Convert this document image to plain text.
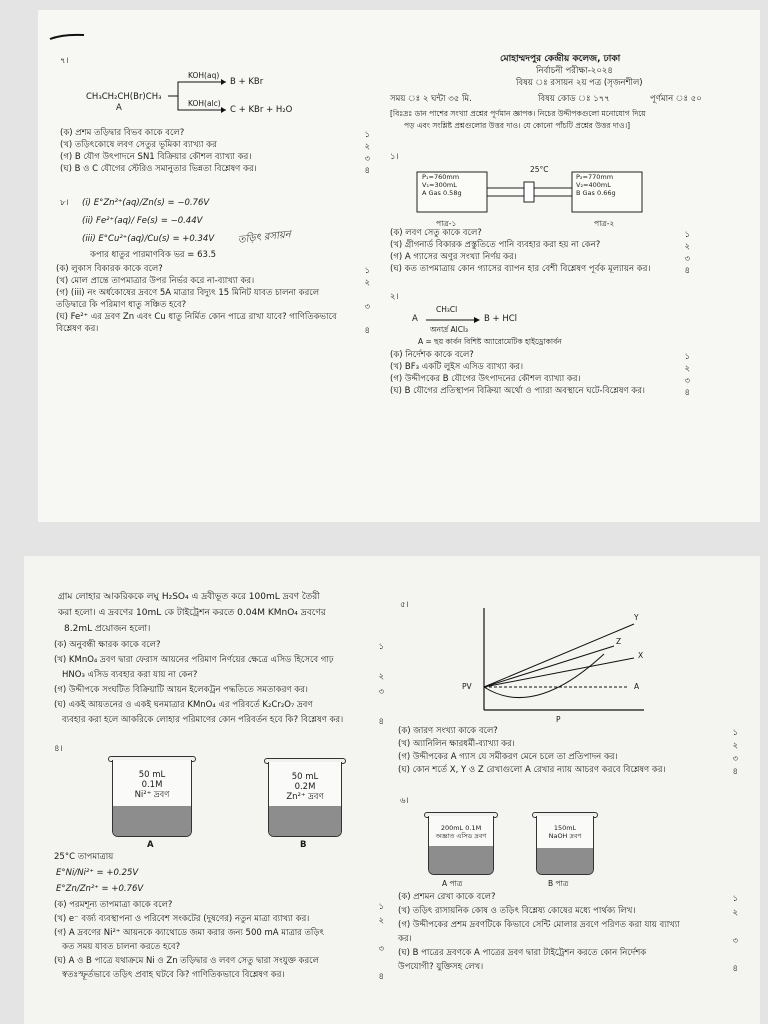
৭।
CH₃CH₂CH(Br)CH₃
A
KOH(aq)
B + KBr
KOH(alc)
C + KBr + H₂O
(ক) প্রশম তড়িদ্বার বিভব কাকে বলে?	১
(খ) তড়িৎকোষে লবণ সেতুর ভূমিকা ব্যাখ্যা কর	২
(গ) B যৌগ উৎপাদনে SN1 বিক্রিয়ার কৌশল ব্যাখ্যা কর।	৩
(ঘ) B ও C যৌগের স্টেরিও সমানুতার ভিন্নতা বিশ্লেষণ কর।	৪
৮। (i) E°Zn²⁺(aq)/Zn(s) = −0.76V
(ii) Fe²⁺(aq)/ Fe(s) = −0.44V
(iii) E°Cu²⁺(aq)/Cu(s) = +0.34V
কপার ধাতুর পারমাণবিক ভর = 63.5
তড়িৎ রসায়ন
(ক) লুকাস বিকারক কাকে বলে?	১
(খ) মোল প্রান্তে তাপমাত্রার উপর নির্ভর করে না-ব্যাখ্যা কর।	২
(গ) (iii) নং অর্ধকোষের দ্রবণে 5A মাত্রার বিদ্যুৎ 15 মিনিট যাবত চালনা করলে
তড়িদ্বারে কি পরিমাণ ধাতু সঞ্চিত হবে?	৩
(ঘ) Fe²⁺ এর দ্রবণ Zn এবং Cu ধাতু নির্মিত কোন পাত্রে রাখা যাবে? গাণিতিকভাবে
বিশ্লেষণ কর।	৪
মোহাম্মদপুর কেন্দ্রীয় কলেজ, ঢাকা
নির্বাচনী পরীক্ষা-২০২৪
বিষয় ঃ রসায়ন ২য় পত্র (সৃজনশীল)
সময় ঃ ২ ঘন্টা ৩৫ মি.	বিষয় কোড ঃ ১৭৭	পূর্ণমান ঃ ৫০
[বিঃদ্রঃ ডান পাশের সংখ্যা প্রশ্নের পূর্ণমান জ্ঞাপক। নিচের উদ্দীপকগুলো মনোযোগ দিয়ে
পড় এবং সংশ্লিষ্ট প্রশ্নগুলোর উত্তর দাও। যে কোনো পাঁচটি প্রশ্নের উত্তর দাও।]
১।
25°C
P₁=760mm
V₁=300mL
A Gas 0.58g
P₂=770mm
V₂=400mL
B Gas 0.66g
পাত্র-১	পাত্র-২
(ক) লবণ সেতু কাকে বলে?	১
(খ) গ্রীগনার্ড বিকারক প্রস্তুতিতে পানি ব্যবহার করা হয় না কেন?	২
(গ) A গ্যাসের অণুর সংখ্যা নির্ণয় কর।	৩
(ঘ) কত তাপমাত্রায় কোন গ্যাসের ব্যাপন হার বেশী বিশ্লেষণ পূর্বক মূল্যায়ন কর।	৪
২।
A
CH₃Cl
অনার্দ্র AlCl₃
B + HCl
A = ছয় কার্বন বিশিষ্ট অ্যারোমেটিক হাইড্রোকার্বন
(ক) নির্দেশক কাকে বলে?	১
(খ) BF₃ একটি লুইস এসিড ব্যাখ্যা কর।	২
(গ) উদ্দীপকের B যৌগের উৎপাদনের কৌশল ব্যাখ্যা কর।	৩
(ঘ) B যৌগের প্রতিস্থাপন বিক্রিয়া অর্থো ও প্যারা অবস্থানে ঘটে-বিশ্লেষণ কর।	৪
গ্রাম লোহার আকরিককে লঘু H₂SO₄ এ দ্রবীভূত করে 100mL দ্রবণ তৈরী
করা হলো। এ দ্রবণের 10mL কে টাইট্রেশন করতে 0.04M KMnO₄ দ্রবণের
8.2mL প্রয়োজন হলো।
(ক) অনুবন্ধী ক্ষারক কাকে বলে?	১
(খ) KMnO₄ দ্রবণ দ্বারা ফেরাস আয়নের পরিমাণ নির্ণয়ের ক্ষেত্রে এসিড হিসেবে গাঢ়
HNO₃ এসিড ব্যবহার করা যায় না কেন?	২
(গ) উদ্দীপকে সংঘটিত বিক্রিয়াটি আয়ন ইলেকট্রন পদ্ধতিতে সমতাকরণ কর।	৩
(ঘ) একই আয়তনের ও একই ঘনমাত্রার KMnO₄ এর পরিবর্তে K₂Cr₂O₇ দ্রবণ
ব্যবহার করা হলে আকরিকে লোহার পরিমাণের কোন পরিবর্তন হবে কি? বিশ্লেষণ কর।	৪
৪।
50 mL
0.1M
Ni²⁺ দ্রবণ
A
50 mL
0.2M
Zn²⁺ দ্রবণ
B
25°C তাপমাত্রায়
E°Ni/Ni²⁺ = +0.25V
E°Zn/Zn²⁺ = +0.76V
(ক) পরমশূন্য তাপমাত্রা কাকে বলে?	১
(খ) e⁻ বর্জ্য ব্যবস্থাপনা ও পরিবেশ সংকটের (দুষণের) নতুন মাত্রা ব্যাখ্যা কর।	২
(গ) A দ্রবণের Ni²⁺ আয়নকে ক্যাথোডে জমা করার জন্য 500 mA মাত্রার তড়িৎ
কত সময় যাবত চালনা করতে হবে?	৩
(ঘ) A ও B পাত্রে যথাক্রমে Ni ও Zn তড়িদ্বার ও লবণ সেতু দ্বারা সংযুক্ত করলে
স্বতঃস্ফূর্তভাবে তড়িৎ প্রবাহ ঘটবে কি? গাণিতিকভাবে বিশ্লেষণ কর।	৪
৫।
Y
Z
X
A
PV
P
(ক) জারণ সংখ্যা কাকে বলে?	১
(খ) অ্যানিলিন ক্ষারধর্মী-ব্যাখ্যা কর।	২
(গ) উদ্দীপকের A গ্যাস যে সমীকরণ মেনে চলে তা প্রতিপাদন কর।	৩
(ঘ) কোন শর্তে X, Y ও Z রেখাগুলো A রেখার ন্যায় আচরণ করবে বিশ্লেষণ কর।	৪
৬।
200mL 0.1M
অজ্ঞাত এসিড দ্রবণ
A পাত্র
150mL
NaOH দ্রবণ
B পাত্র
(ক) প্রশমন রেখা কাকে বলে?	১
(খ) তড়িৎ রাসায়নিক কোষ ও তড়িৎ বিশ্লেষ্য কোষের মধ্যে পার্থক্য লিখ।	২
(গ) উদ্দীপকের প্রশম দ্রবণটিকে কিভাবে সেন্টি মোলার দ্রবণে পরিণত করা যায় ব্যাখ্যা
কর।	৩
(ঘ) B পাত্রের দ্রবণকে A পাত্রের দ্রবণ দ্বারা টাইট্রেশন করতে কোন নির্দেশক
উপযোগী? যুক্তিসহ লেখ।	৪
